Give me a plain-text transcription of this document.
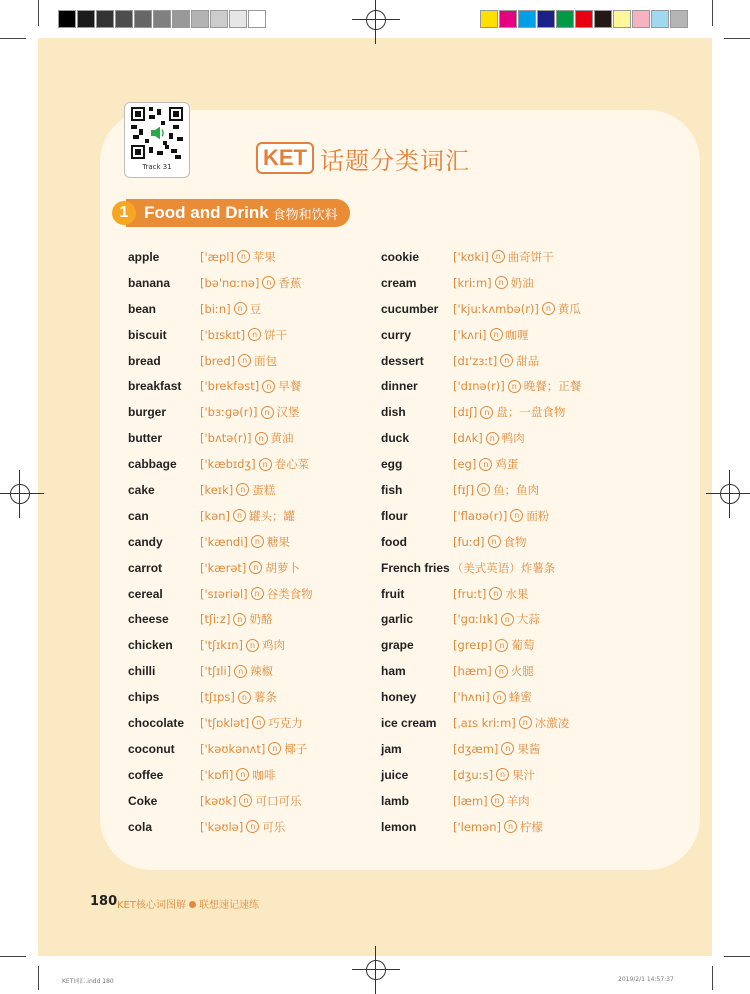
Track 31	KET 话题分类词汇
1 Food and Drink 食物和饮料
apple	['æpl] n 苹果
banana	[bə'nɑːnə] n 香蕉
bean	[biːn] n 豆
biscuit	['bɪskɪt] n 饼干
bread	[bred] n 面包
breakfast	['brekfəst] n 早餐
burger	['bɜːgə(r)] n 汉堡
butter	['bʌtə(r)] n 黄油
cabbage	['kæbɪdʒ] n 卷心菜
cake	[keɪk] n 蛋糕
can	[kən] n 罐头；罐
candy	['kændi] n 糖果
carrot	['kærət] n 胡萝卜
cereal	['sɪəriəl] n 谷类食物
cheese	[tʃiːz] n 奶酪
chicken	['tʃɪkɪn] n 鸡肉
chilli	['tʃɪli] n 辣椒
chips	[tʃɪps] n 薯条
chocolate	['tʃɒklət] n 巧克力
coconut	['kəʊkənʌt] n 椰子
coffee	['kɒfi] n 咖啡
Coke	[kəʊk] n 可口可乐
cola	['kəʊlə] n 可乐
cookie	['kʊki] n 曲奇饼干
cream	[kriːm] n 奶油
cucumber	['kjuːkʌmbə(r)] n 黄瓜
curry	['kʌri] n 咖喱
dessert	[dɪ'zɜːt] n 甜品
dinner	['dɪnə(r)] n 晚餐；正餐
dish	[dɪʃ] n 盘；一盘食物
duck	[dʌk] n 鸭肉
egg	[eg] n 鸡蛋
fish	[fɪʃ] n 鱼；鱼肉
flour	['flaʊə(r)] n 面粉
food	[fuːd] n 食物
French fries （美式英语）炸薯条
fruit	[fruːt] n 水果
garlic	['gɑːlɪk] n 大蒜
grape	[greɪp] n 葡萄
ham	[hæm] n 火腿
honey	['hʌni] n 蜂蜜
ice cream	[ˌaɪs kriːm] n 冰激凌
jam	[dʒæm] n 果酱
juice	[dʒuːs] n 果汁
lamb	[læm] n 羊肉
lemon	['lemən] n 柠檬
180 KET核心词图解 联想速记速练
KET词汇.indd 180	2019/2/1 14:57:37
